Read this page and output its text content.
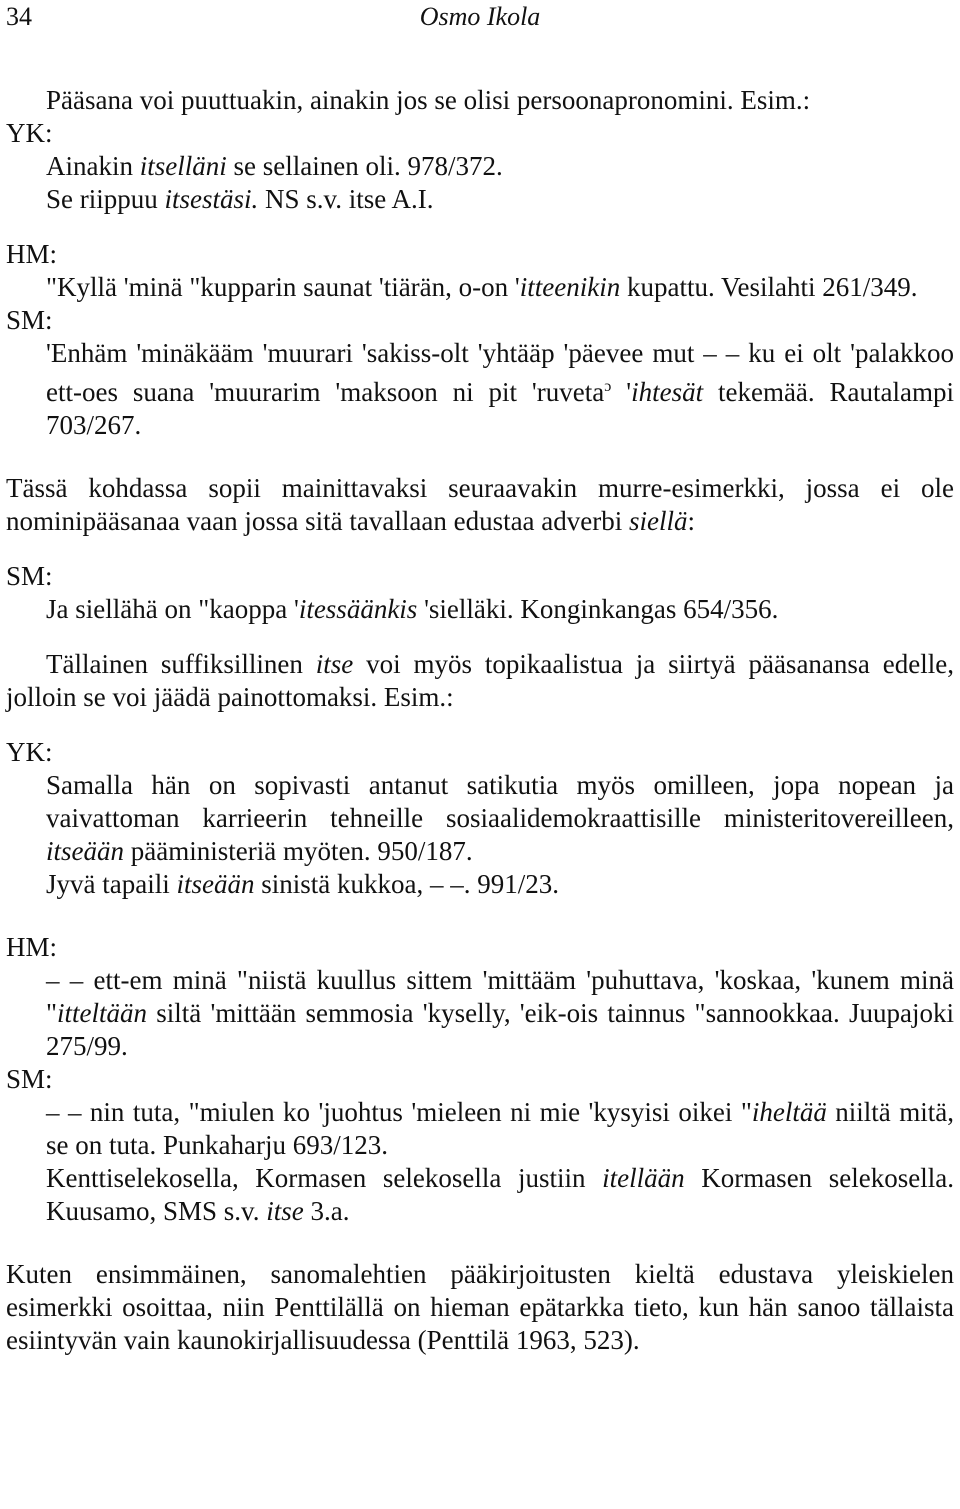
34	Osmo Ikola

Pääsana voi puuttuakin, ainakin jos se olisi persoonapronomini. Esim.:

YK:

Ainakin itselläni se sellainen oli. 978/372.

Se riippuu itsestäsi. NS s.v. itse A.I.

HM:

"Kyllä 'minä "kupparin saunat 'tiärän, o-on 'itteenikin kupattu. Vesilahti 261/349.

SM:

'Enhäm 'minäkääm 'muurari 'sakiss-olt 'yhtääp 'päevee mut – – ku ei olt 'palakkoo ett-oes suana 'muurarim 'maksoon ni pit 'ruveta$^ɔ$ 'ihtesät tekemää. Rautalampi 703/267.

Tässä kohdassa sopii mainittavaksi seuraavakin murre-esimerkki, jossa ei ole nominipääsanaa vaan jossa sitä tavallaan edustaa adverbi siellä:

SM:

Ja siellähä on "kaoppa 'itessäänkis 'sielläki. Konginkangas 654/356.

Tällainen suffiksillinen itse voi myös topikaalistua ja siirtyä pääsanansa edelle, jolloin se voi jäädä painottomaksi. Esim.:

YK:

Samalla hän on sopivasti antanut satikutia myös omilleen, jopa nopean ja vaivattoman karrieerin tehneille sosiaalidemokraattisille ministeritovereilleen, itseään pääministeriä myöten. 950/187.

Jyvä tapaili itseään sinistä kukkoa, – –. 991/23.

HM:

– – ett-em minä "niistä kuullus sittem 'mittääm 'puhuttava, 'koskaa, 'kunem minä "itteltään siltä 'mittään semmosia 'kyselly, 'eik-ois tainnus "sannookkaa. Juupajoki 275/99.

SM:

– – nin tuta, "miulen ko 'juohtus 'mieleen ni mie 'kysyisi oikei "iheltää niiltä mitä, se on tuta. Punkaharju 693/123.

Kenttiselekosella, Kormasen selekosella justiin itellään Kormasen selekosella. Kuusamo, SMS s.v. itse 3.a.

Kuten ensimmäinen, sanomalehtien pääkirjoitusten kieltä edustava yleiskielen esimerkki osoittaa, niin Penttilällä on hieman epätarkka tieto, kun hän sanoo tällaista esiintyvän vain kaunokirjallisuudessa (Penttilä 1963, 523).
